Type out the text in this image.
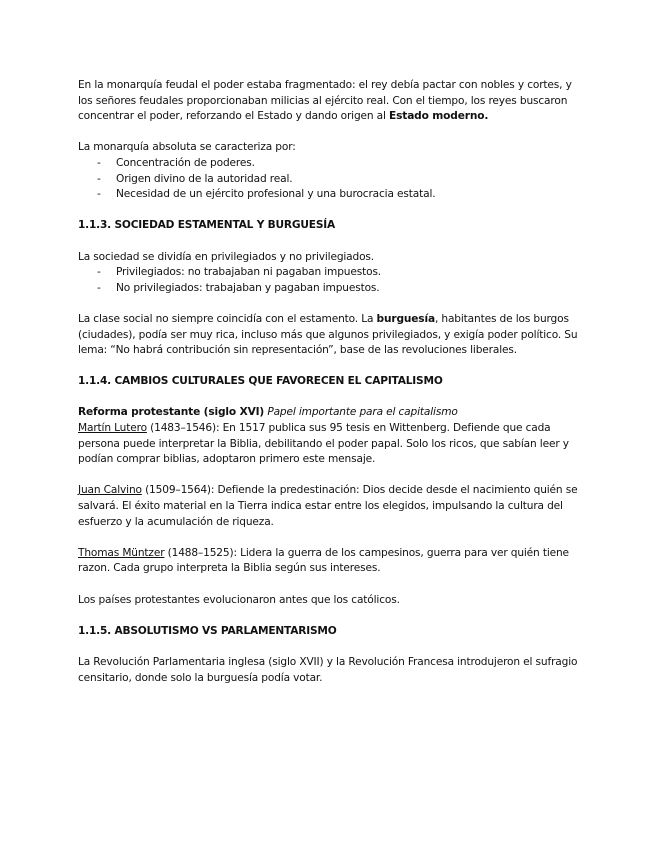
En la monarquía feudal el poder estaba fragmentado: el rey debía pactar con nobles y cortes, y los señores feudales proporcionaban milicias al ejército real. Con el tiempo, los reyes buscaron concentrar el poder, reforzando el Estado y dando origen al Estado moderno.

La monarquía absoluta se caracteriza por:

- Concentración de poderes.
- Origen divino de la autoridad real.
- Necesidad de un ejército profesional y una burocracia estatal.

1.1.3. SOCIEDAD ESTAMENTAL Y BURGUESÍA

La sociedad se dividía en privilegiados y no privilegiados.

- Privilegiados: no trabajaban ni pagaban impuestos.
- No privilegiados: trabajaban y pagaban impuestos.

La clase social no siempre coincidía con el estamento. La burguesía, habitantes de los burgos (ciudades), podía ser muy rica, incluso más que algunos privilegiados, y exigía poder político. Su lema: “No habrá contribución sin representación”, base de las revoluciones liberales.

1.1.4. CAMBIOS CULTURALES QUE FAVORECEN EL CAPITALISMO

Reforma protestante (siglo XVI) Papel importante para el capitalismo

Martín Lutero (1483–1546): En 1517 publica sus 95 tesis en Wittenberg. Defiende que cada persona puede interpretar la Biblia, debilitando el poder papal. Solo los ricos, que sabían leer y podían comprar biblias, adoptaron primero este mensaje.

Juan Calvino (1509–1564): Defiende la predestinación: Dios decide desde el nacimiento quién se salvará. El éxito material en la Tierra indica estar entre los elegidos, impulsando la cultura del esfuerzo y la acumulación de riqueza.

Thomas Müntzer (1488–1525): Lidera la guerra de los campesinos, guerra para ver quién tiene razon. Cada grupo interpreta la Biblia según sus intereses.

Los países protestantes evolucionaron antes que los católicos.

1.1.5. ABSOLUTISMO VS PARLAMENTARISMO

La Revolución Parlamentaria inglesa (siglo XVII) y la Revolución Francesa introdujeron el sufragio censitario, donde solo la burguesía podía votar.
